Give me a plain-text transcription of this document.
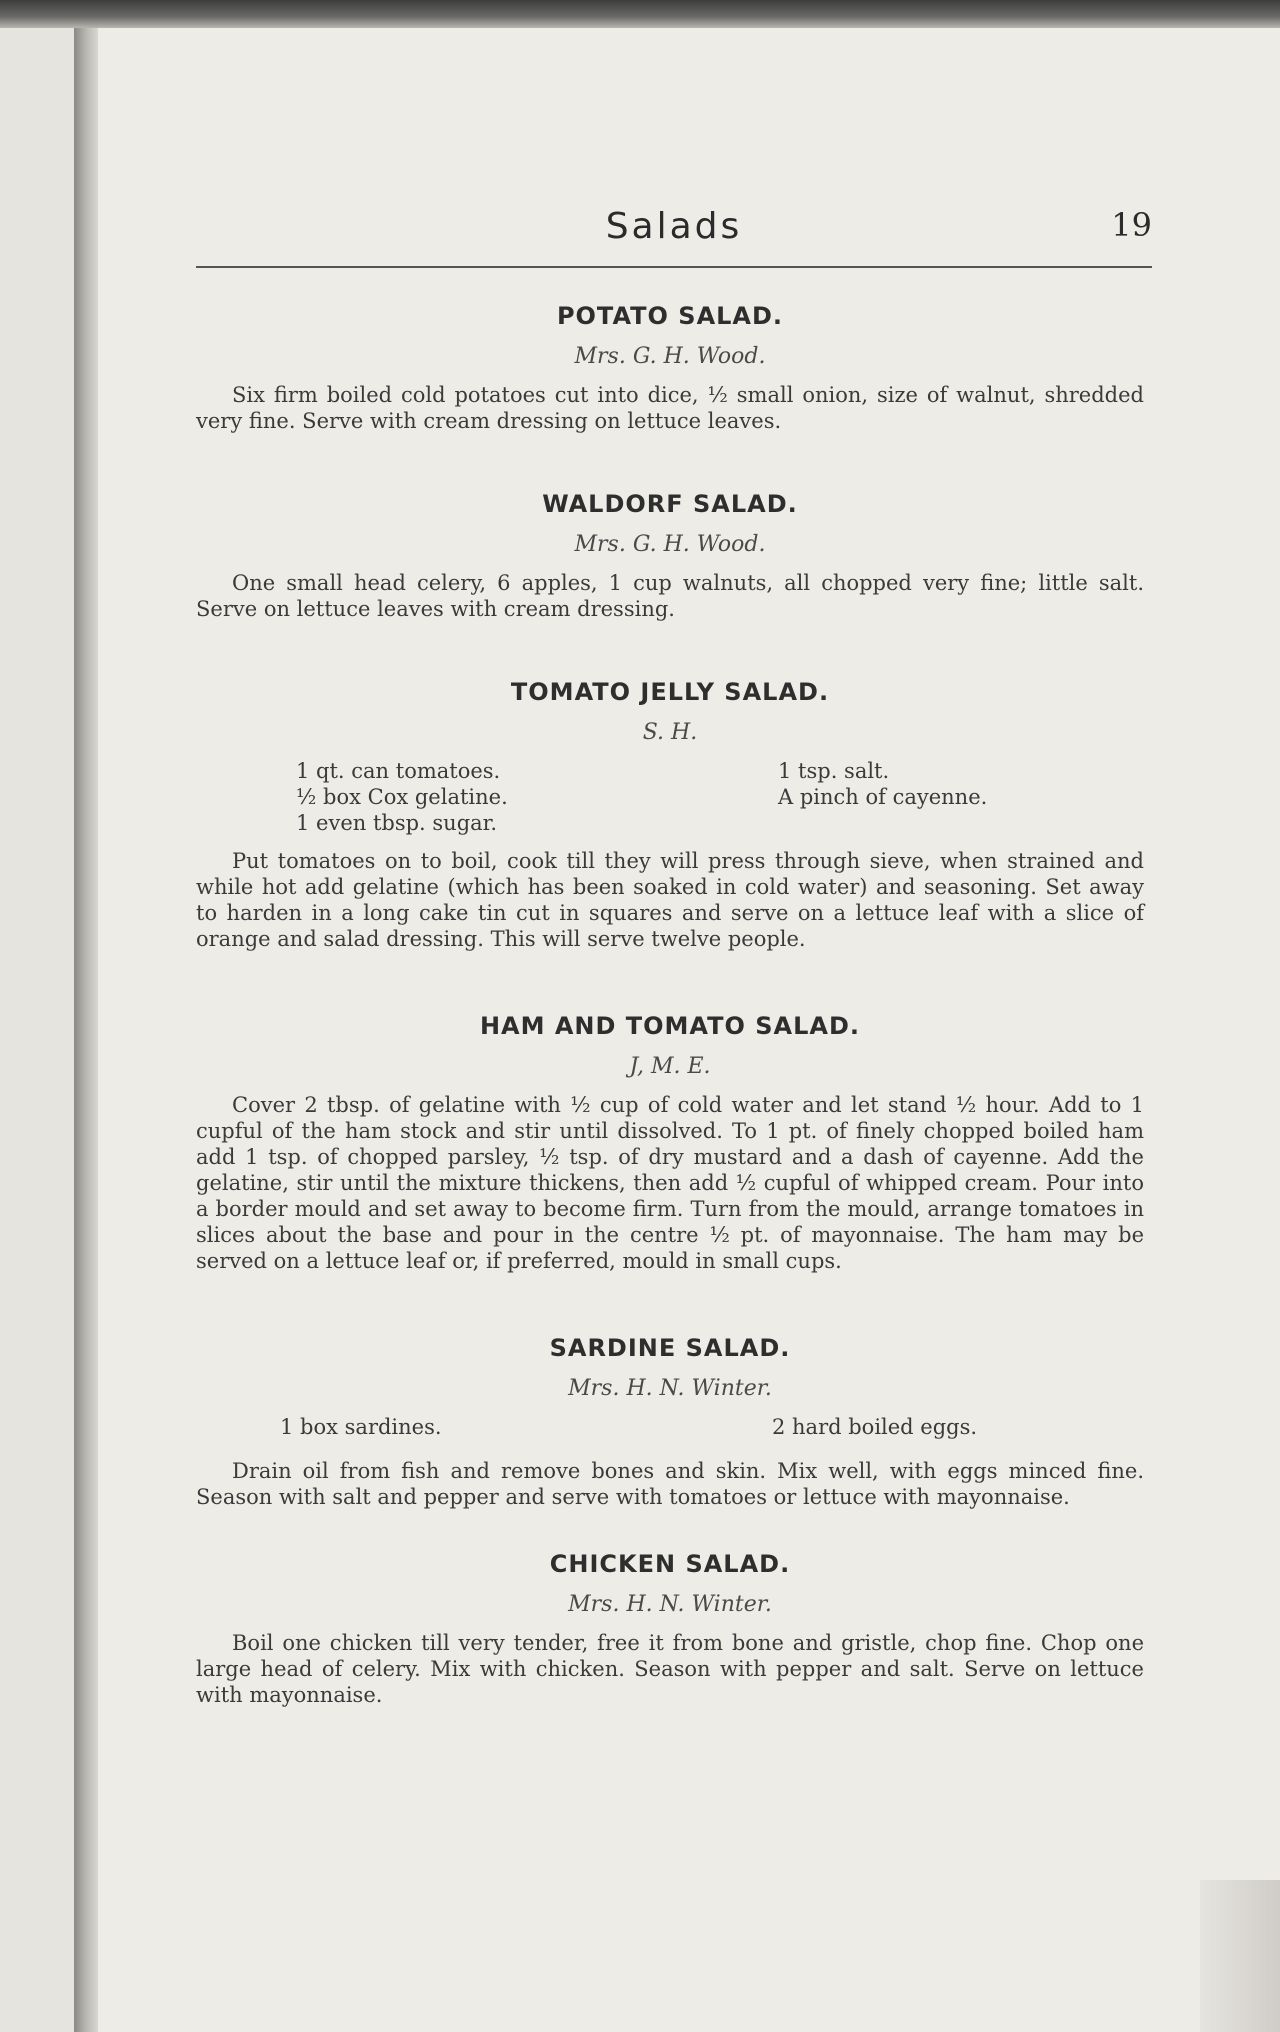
Salads	19
POTATO SALAD.
Mrs. G. H. Wood.

Six firm boiled cold potatoes cut into dice, ½ small onion, size of walnut, shredded very fine. Serve with cream dressing on lettuce leaves.

WALDORF SALAD.
Mrs. G. H. Wood.

One small head celery, 6 apples, 1 cup walnuts, all chopped very fine; little salt. Serve on lettuce leaves with cream dressing.

TOMATO JELLY SALAD.
S. H.
1 qt. can tomatoes.
½ box Cox gelatine.
1 even tbsp. sugar.
1 tsp. salt.
A pinch of cayenne.

Put tomatoes on to boil, cook till they will press through sieve, when strained and while hot add gelatine (which has been soaked in cold water) and seasoning. Set away to harden in a long cake tin cut in squares and serve on a lettuce leaf with a slice of orange and salad dressing. This will serve twelve people.

HAM AND TOMATO SALAD.
J, M. E.

Cover 2 tbsp. of gelatine with ½ cup of cold water and let stand ½ hour. Add to 1 cupful of the ham stock and stir until dissolved. To 1 pt. of finely chopped boiled ham add 1 tsp. of chopped parsley, ½ tsp. of dry mustard and a dash of cayenne. Add the gelatine, stir until the mixture thickens, then add ½ cupful of whipped cream. Pour into a border mould and set away to become firm. Turn from the mould, arrange tomatoes in slices about the base and pour in the centre ½ pt. of mayonnaise. The ham may be served on a lettuce leaf or, if preferred, mould in small cups.

SARDINE SALAD.
Mrs. H. N. Winter.
1 box sardines.	2 hard boiled eggs.

Drain oil from fish and remove bones and skin. Mix well, with eggs minced fine. Season with salt and pepper and serve with tomatoes or lettuce with mayonnaise.

CHICKEN SALAD.
Mrs. H. N. Winter.

Boil one chicken till very tender, free it from bone and gristle, chop fine. Chop one large head of celery. Mix with chicken. Season with pepper and salt. Serve on lettuce with mayonnaise.
